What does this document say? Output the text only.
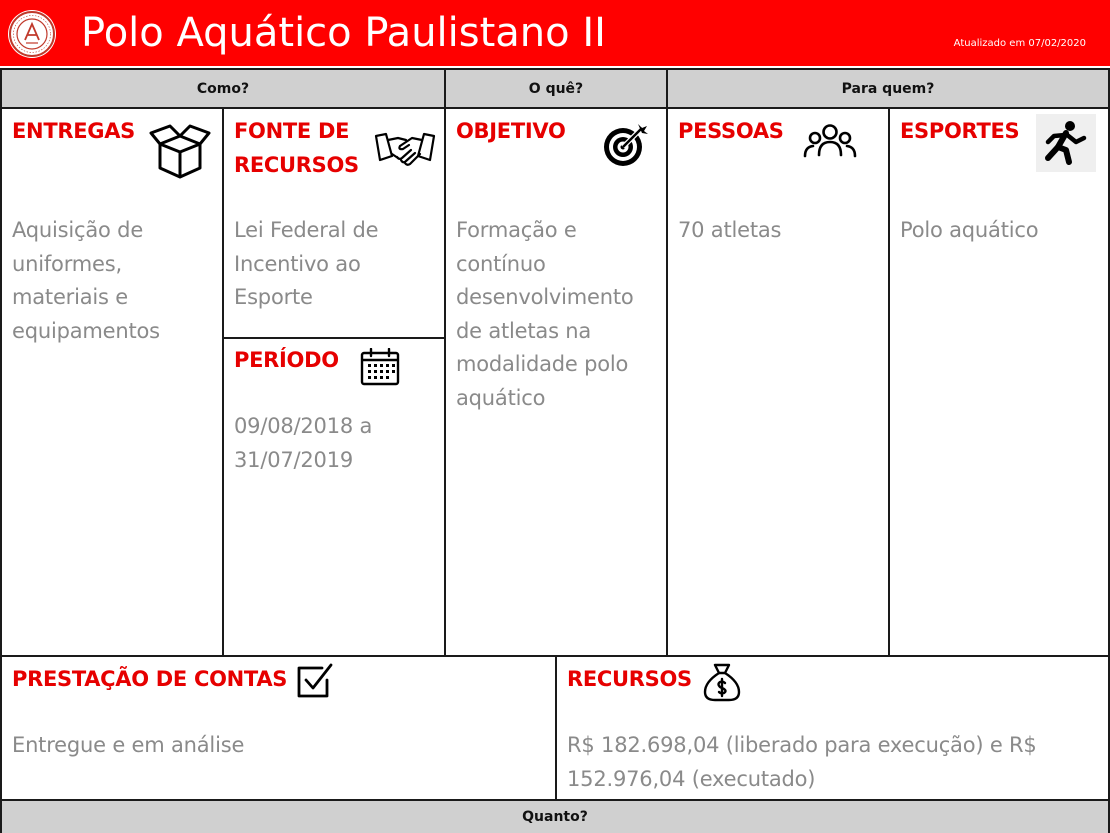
Polo Aquático Paulistano II	Atualizado em 07/02/2020
Como?	O quê?	Para quem?
ENTREGAS
Aquisição de uniformes, materiais e equipamentos
FONTE DE RECURSOS
Lei Federal de Incentivo ao Esporte
PERÍODO
09/08/2018 a 31/07/2019
OBJETIVO
Formação e contínuo desenvolvimento de atletas na modalidade polo aquático
PESSOAS
70 atletas
ESPORTES
Polo aquático
PRESTAÇÃO DE CONTAS
Entregue e em análise
RECURSOS
R$ 182.698,04 (liberado para execução) e R$ 152.976,04 (executado)
Quanto?
